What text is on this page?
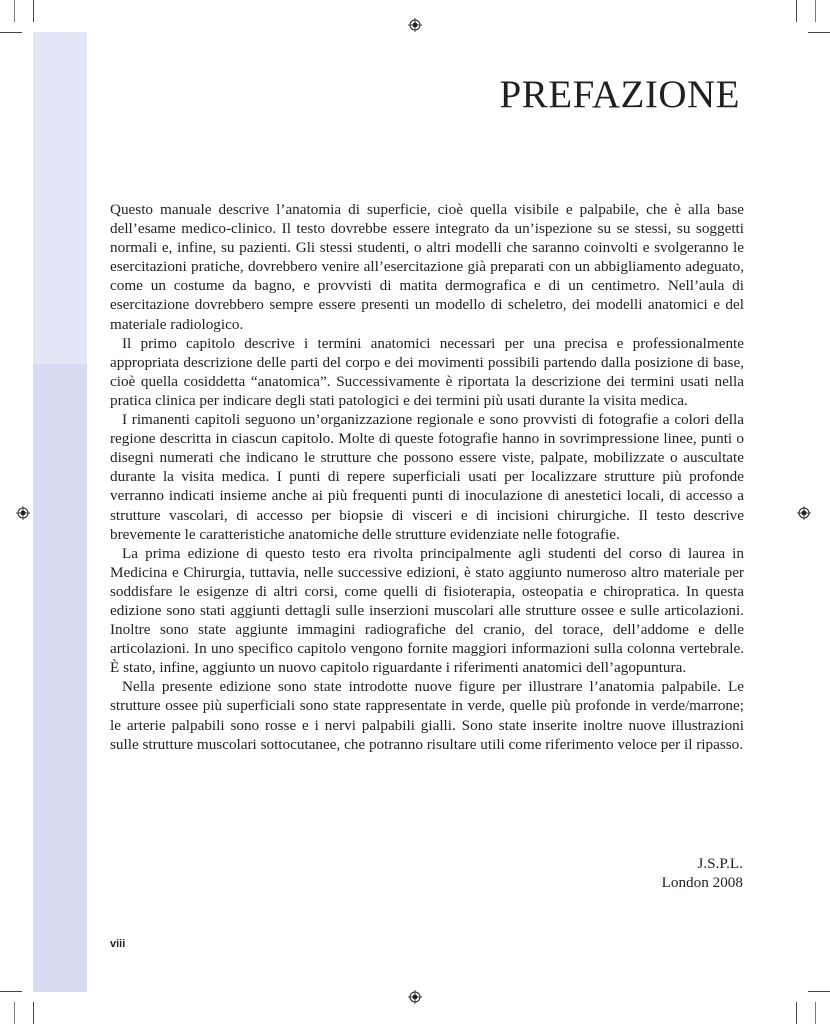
PREFAZIONE

Questo manuale descrive l’anatomia di superficie, cioè quella visibile e palpabile, che è alla base dell’esame medico-clinico. Il testo dovrebbe essere integrato da un’ispezione su se stessi, su soggetti normali e, infine, su pazienti. Gli stessi studenti, o altri modelli che saranno coinvolti e svolgeranno le esercitazioni pratiche, dovrebbero venire all’esercitazione già preparati con un abbigliamento adeguato, come un costume da bagno, e provvisti di matita dermografica e di un centimetro. Nell’aula di esercitazione dovrebbero sempre essere presenti un modello di scheletro, dei modelli anatomici e del materiale radiologico.

Il primo capitolo descrive i termini anatomici necessari per una precisa e professionalmente appropriata descrizione delle parti del corpo e dei movimenti possibili partendo dalla posizione di base, cioè quella cosiddetta “anatomica”. Successivamente è riportata la descrizione dei termini usati nella pratica clinica per indicare degli stati patologici e dei termini più usati durante la visita medica.

I rimanenti capitoli seguono un’organizzazione regionale e sono provvisti di fotografie a colori della regione descritta in ciascun capitolo. Molte di queste fotografie hanno in sovrimpressione linee, punti o disegni numerati che indicano le strutture che possono essere viste, palpate, mobilizzate o auscultate durante la visita medica. I punti di repere superficiali usati per localizzare strutture più profonde verranno indicati insieme anche ai più frequenti punti di inoculazione di anestetici locali, di accesso a strutture vascolari, di accesso per biopsie di visceri e di incisioni chirurgiche. Il testo descrive brevemente le caratteristiche anatomiche delle strutture evidenziate nelle fotografie.

La prima edizione di questo testo era rivolta principalmente agli studenti del corso di laurea in Medicina e Chirurgia, tuttavia, nelle successive edizioni, è stato aggiunto numeroso altro materiale per soddisfare le esigenze di altri corsi, come quelli di fisioterapia, osteopatia e chiropratica. In questa edizione sono stati aggiunti dettagli sulle inserzioni muscolari alle strutture ossee e sulle articolazioni. Inoltre sono state aggiunte immagini radiografiche del cranio, del torace, dell’addome e delle articolazioni. In uno specifico capitolo vengono fornite maggiori informazioni sulla colonna vertebrale. È stato, infine, aggiunto un nuovo capitolo riguardante i riferimenti anatomici dell’agopuntura.

Nella presente edizione sono state introdotte nuove figure per illustrare l’anatomia palpabile. Le strutture ossee più superficiali sono state rappresentate in verde, quelle più profonde in verde/marrone; le arterie palpabili sono rosse e i nervi palpabili gialli. Sono state inserite inoltre nuove illustrazioni sulle strutture muscolari sottocutanee, che potranno risultare utili come riferimento veloce per il ripasso.

J.S.P.L.
London 2008
viii
